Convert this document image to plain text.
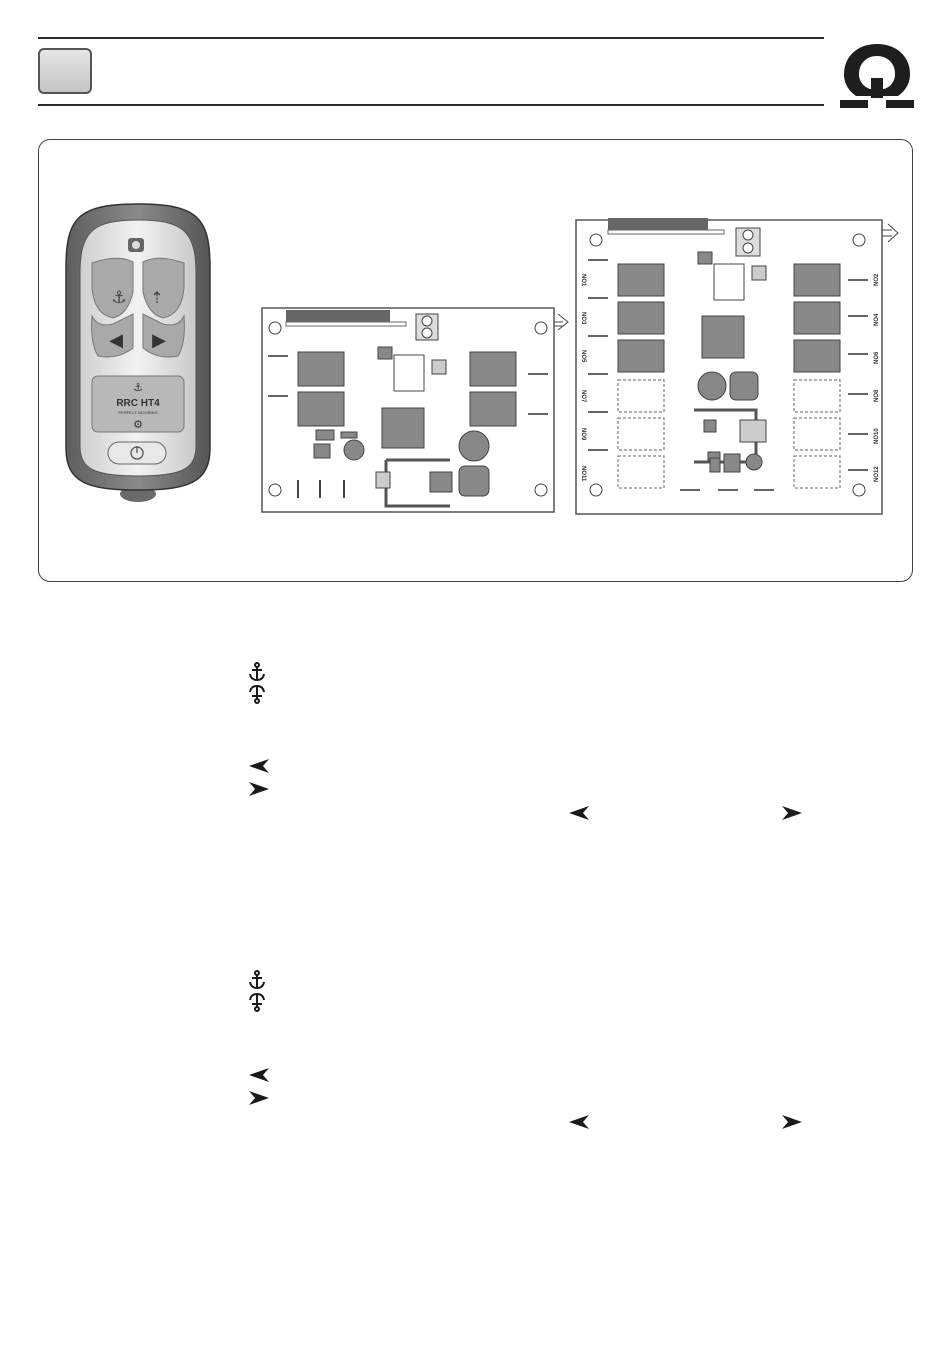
⚓ ⇡
◀ ▶
⚓
RRC HT4
PERFECT MOORING
⚙
NO1
NO3
NO5
NO7
NO9
NO11
NO2
NO4
NO6
NO8
NO10
NO12
